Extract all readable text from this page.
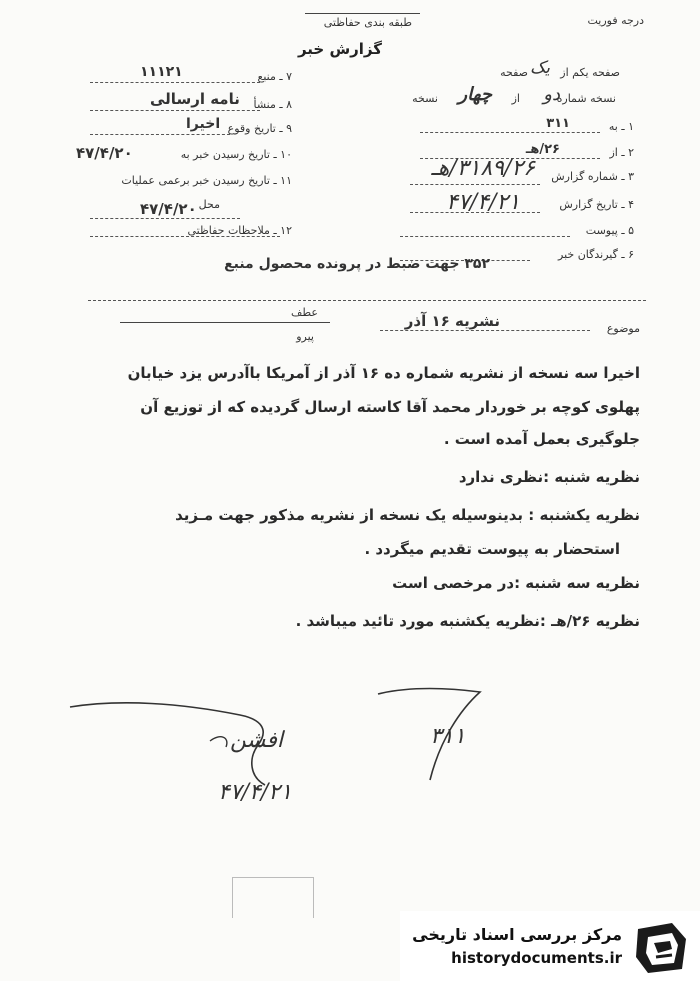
درجه فوریت
طبقه بندی حفاظتی
گزارش خبر
صفحه یکم از
یک
صفحه
نسخه شماره
دو
از
چهار
نسخه
۱ ـ به
۳۱۱
۲ ـ از
۲۶/هـ
۳ ـ شماره گزارش
۳۱۸۹/۲۶/هـ
۴ ـ تاریخ گزارش
۴۷/۴/۲۱
۵ ـ پیوست
۶ ـ گیرندگان خبر
۷ ـ منبع
۱۱۱۲۱
۸ ـ منشأ
نامه ارسالی
۹ ـ تاریخ وقوع
اخیرا
۱۰ ـ تاریخ رسیدن خبر به
۴۷/۴/۲۰
۱۱ ـ تاریخ رسیدن خبر برعمی عملیات
محل
۴۷/۴/۲۰
۱۲ ـ ملاحظات حفاظتی
۳۵۲ جهت ضبط در پرونده محصول منبع
موضوع
نشریه ۱۶ آذر
عطف
پیرو
اخیرا سه نسخه از نشریه شماره ده ۱۶ آذر از آمریکا باآدرس یزد خیابان
پهلوی کوچه بر خوردار محمد آقا کاسته ارسال گردیده که از توزیع آن
جلوگیری بعمل آمده است .
نظریه شنبه :نظری ندارد
نظریه یکشنبه : بدینوسیله یک نسخه از نشریه مذکور جهت مـزید
استحضار به پیوست تقدیم میگردد .
نظریه سه شنبه :در مرخصی است
نظریه ۲۶/هـ :نظریه یکشنبه مورد تائید میباشد .
افشن
۴۷/۴/۲۱
۳۱۱
مرکز بررسی اسناد تاریخی
historydocuments.ir
